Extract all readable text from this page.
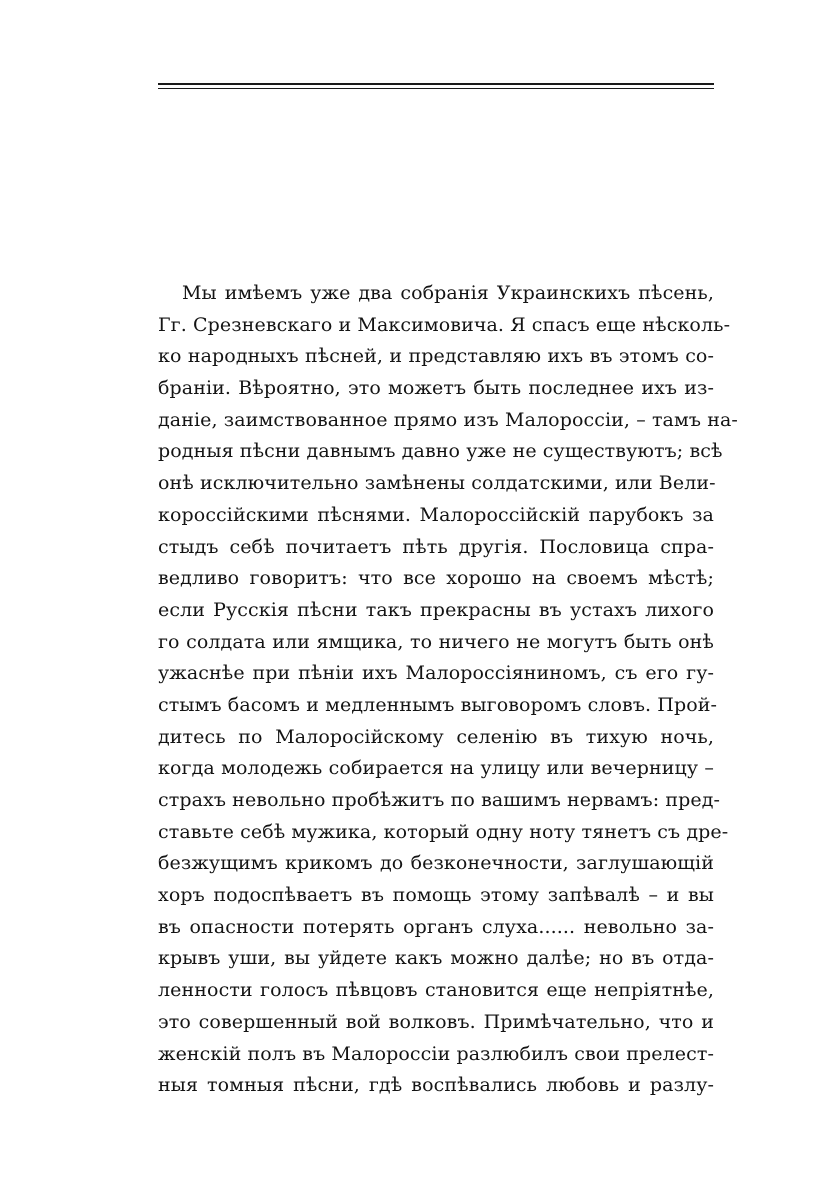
Мы имѣемъ уже два собранія Украинскихъ пѣсень,
Гг. Срезневскаго и Максимовича. Я спасъ еще нѣсколь-
ко народныхъ пѣсней, и представляю ихъ въ этомъ со-
браніи. Вѣроятно, это можетъ быть последнее ихъ из-
даніе, заимствованное прямо изъ Малороссіи, – тамъ на-
родныя пѣсни давнымъ давно уже не существуютъ; всѣ
онѣ исключительно замѣнены солдатскими, или Вели-
короссійскими пѣснями. Малороссійскій парубокъ за
стыдъ себѣ почитаетъ пѣть другія. Пословица спра-
ведливо говоритъ: что все хорошо на своемъ мѣстѣ;
если Русскія пѣсни такъ прекрасны въ устахъ лихого
го солдата или ямщика, то ничего не могутъ быть онѣ
ужаснѣе при пѣніи ихъ Малороссіяниномъ, съ его гу-
стымъ басомъ и медленнымъ выговоромъ словъ. Прой-
дитесь по Малоросійскому селенію въ тихую ночь,
когда молодежь собирается на улицу или вечерницу –
страхъ невольно пробѣжитъ по вашимъ нервамъ: пред-
ставьте себѣ мужика, который одну ноту тянетъ съ дре-
безжущимъ крикомъ до безконечности, заглушающій
хоръ подоспѣваетъ въ помощь этому запѣвалѣ – и вы
въ опасности потерять органъ слуха...... невольно за-
крывъ уши, вы уйдете какъ можно далѣе; но въ отда-
ленности голосъ пѣвцовъ становится еще непріятнѣе,
это совершенный вой волковъ. Примѣчательно, что и
женскій полъ въ Малороссіи разлюбилъ свои прелест-
ныя томныя пѣсни, гдѣ воспѣвались любовь и разлу-
